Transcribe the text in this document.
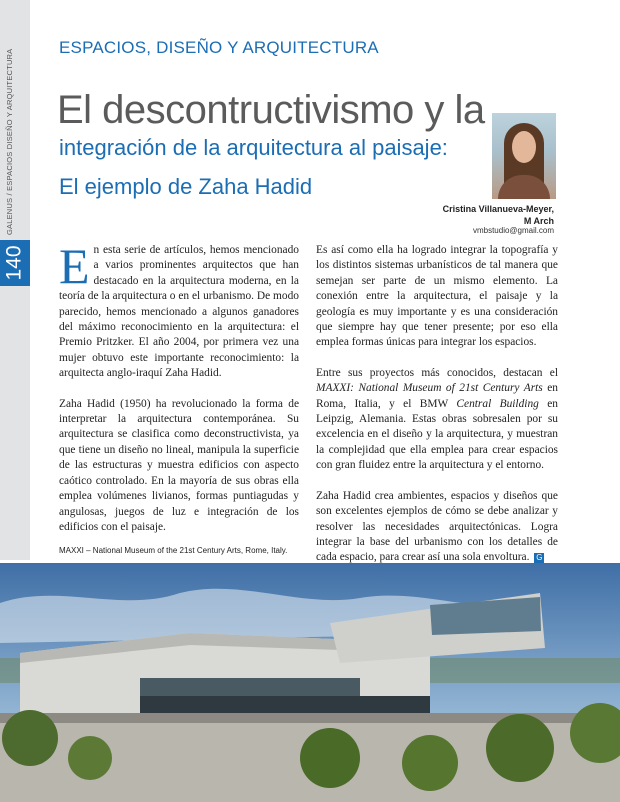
GALENUS / ESPACIOS DISEÑO Y ARQUITECTURA
140
ESPACIOS, DISEÑO Y ARQUITECTURA
El descontructivismo y la
integración de la arquitectura al paisaje:
El ejemplo de Zaha Hadid
Cristina Villanueva-Meyer,
M Arch
vmbstudio@gmail.com

En esta serie de artículos, hemos mencionado a varios prominentes arquitectos que han destacado en la arquitectura moderna, en la teoría de la arquitectura o en el urbanismo. De modo parecido, hemos mencionado a algunos ganadores del máximo reconocimiento en la arquitectura: el Premio Pritzker. El año 2004, por primera vez una mujer obtuvo este importante reconocimiento: la arquitecta anglo-iraquí Zaha Hadid.

Zaha Hadid (1950) ha revolucionado la forma de interpretar la arquitectura contemporánea. Su arquitectura se clasifica como deconstructivista, ya que tiene un diseño no lineal, manipula la superficie de las estructuras y muestra edificios con aspecto caótico controlado. En la mayoría de sus obras ella emplea volúmenes livianos, formas puntiagudas y angulosas, juegos de luz e integración de los edificios con el paisaje.

Es así como ella ha logrado integrar la topografía y los distintos sistemas urbanísticos de tal manera que semejan ser parte de un mismo elemento. La conexión entre la arquitectura, el paisaje y la geología es muy importante y es una consideración que siempre hay que tener presente; por eso ella emplea formas únicas para integrar los espacios.

Entre sus proyectos más conocidos, destacan el MAXXI: National Museum of 21st Century Arts en Roma, Italia, y el BMW Central Building en Leipzig, Alemania. Estas obras sobresalen por su excelencia en el diseño y la arquitectura, y muestran la complejidad que ella emplea para crear espacios con gran fluidez entre la arquitectura y el entorno.

Zaha Hadid crea ambientes, espacios y diseños que son excelentes ejemplos de cómo se debe analizar y resolver las necesidades arquitectónicas. Logra integrar la base del urbanismo con los detalles de cada espacio, para crear así una sola envoltura. G

MAXXI – National Museum of the 21st Century Arts, Rome, Italy.
